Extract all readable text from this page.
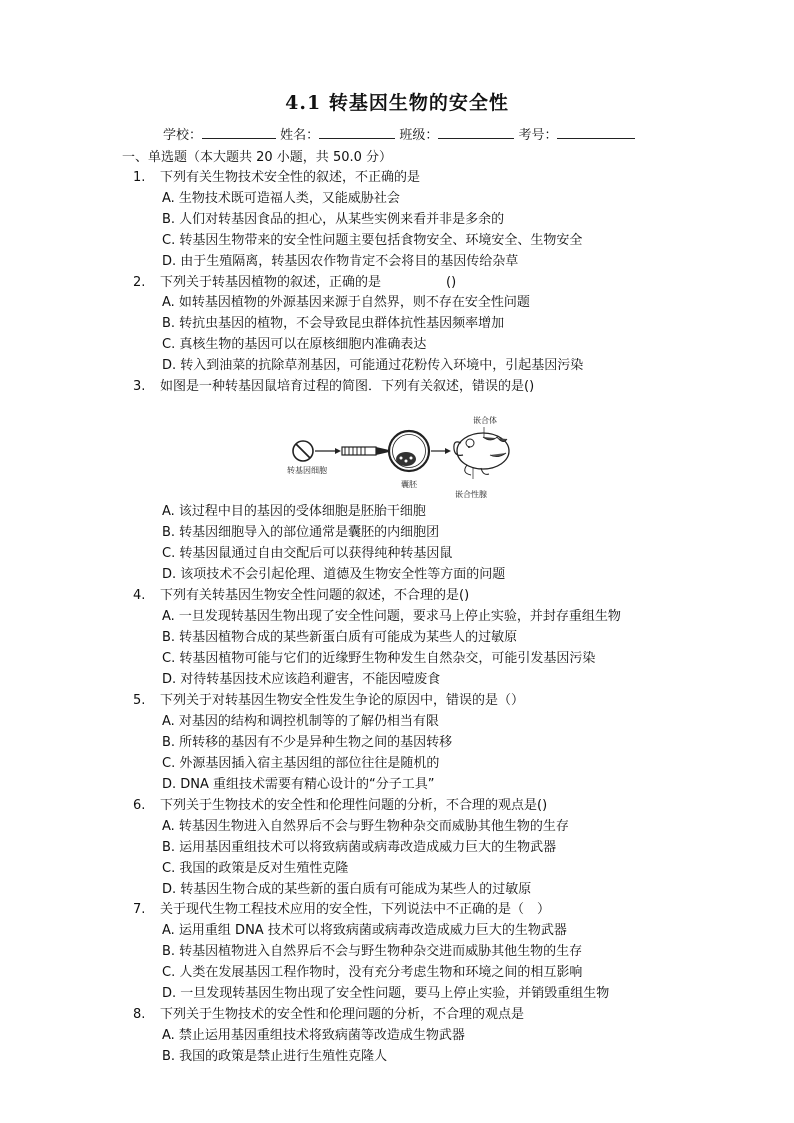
4.1 转基因生物的安全性
学校：	姓名：	班级：	考号：
一、单选题（本大题共 20 小题，共 50.0 分）
1. 下列有关生物技术安全性的叙述，不正确的是
A. 生物技术既可造福人类，又能威胁社会
B. 人们对转基因食品的担心，从某些实例来看并非是多余的
C. 转基因生物带来的安全性问题主要包括食物安全、环境安全、生物安全
D. 由于生殖隔离，转基因农作物肯定不会将目的基因传给杂草
2. 下列关于转基因植物的叙述，正确的是　　　　　()
A. 如转基因植物的外源基因来源于自然界，则不存在安全性问题
B. 转抗虫基因的植物，不会导致昆虫群体抗性基因频率增加
C. 真核生物的基因可以在原核细胞内准确表达
D. 转入到油菜的抗除草剂基因，可能通过花粉传入环境中，引起基因污染
3. 如图是一种转基因鼠培育过程的简图．下列有关叙述，错误的是()
转基因细胞
囊胚
嵌合体
嵌合性腺
A. 该过程中目的基因的受体细胞是胚胎干细胞
B. 转基因细胞导入的部位通常是囊胚的内细胞团
C. 转基因鼠通过自由交配后可以获得纯种转基因鼠
D. 该项技术不会引起伦理、道德及生物安全性等方面的问题
4. 下列有关转基因生物安全性问题的叙述，不合理的是()
A. 一旦发现转基因生物出现了安全性问题，要求马上停止实验，并封存重组生物
B. 转基因植物合成的某些新蛋白质有可能成为某些人的过敏原
C. 转基因植物可能与它们的近缘野生物种发生自然杂交，可能引发基因污染
D. 对待转基因技术应该趋利避害，不能因噎废食
5. 下列关于对转基因生物安全性发生争论的原因中，错误的是（）
A. 对基因的结构和调控机制等的了解仍相当有限
B. 所转移的基因有不少是异种生物之间的基因转移
C. 外源基因插入宿主基因组的部位往往是随机的
D. DNA 重组技术需要有精心设计的“分子工具”
6. 下列关于生物技术的安全性和伦理性问题的分析，不合理的观点是()
A. 转基因生物进入自然界后不会与野生物种杂交而威胁其他生物的生存
B. 运用基因重组技术可以将致病菌或病毒改造成威力巨大的生物武器
C. 我国的政策是反对生殖性克隆
D. 转基因生物合成的某些新的蛋白质有可能成为某些人的过敏原
7. 关于现代生物工程技术应用的安全性，下列说法中不正确的是（　）
A. 运用重组 DNA 技术可以将致病菌或病毒改造成威力巨大的生物武器
B. 转基因植物进入自然界后不会与野生物种杂交进而威胁其他生物的生存
C. 人类在发展基因工程作物时，没有充分考虑生物和环境之间的相互影响
D. 一旦发现转基因生物出现了安全性问题，要马上停止实验，并销毁重组生物
8. 下列关于生物技术的安全性和伦理问题的分析，不合理的观点是
A. 禁止运用基因重组技术将致病菌等改造成生物武器
B. 我国的政策是禁止进行生殖性克隆人
